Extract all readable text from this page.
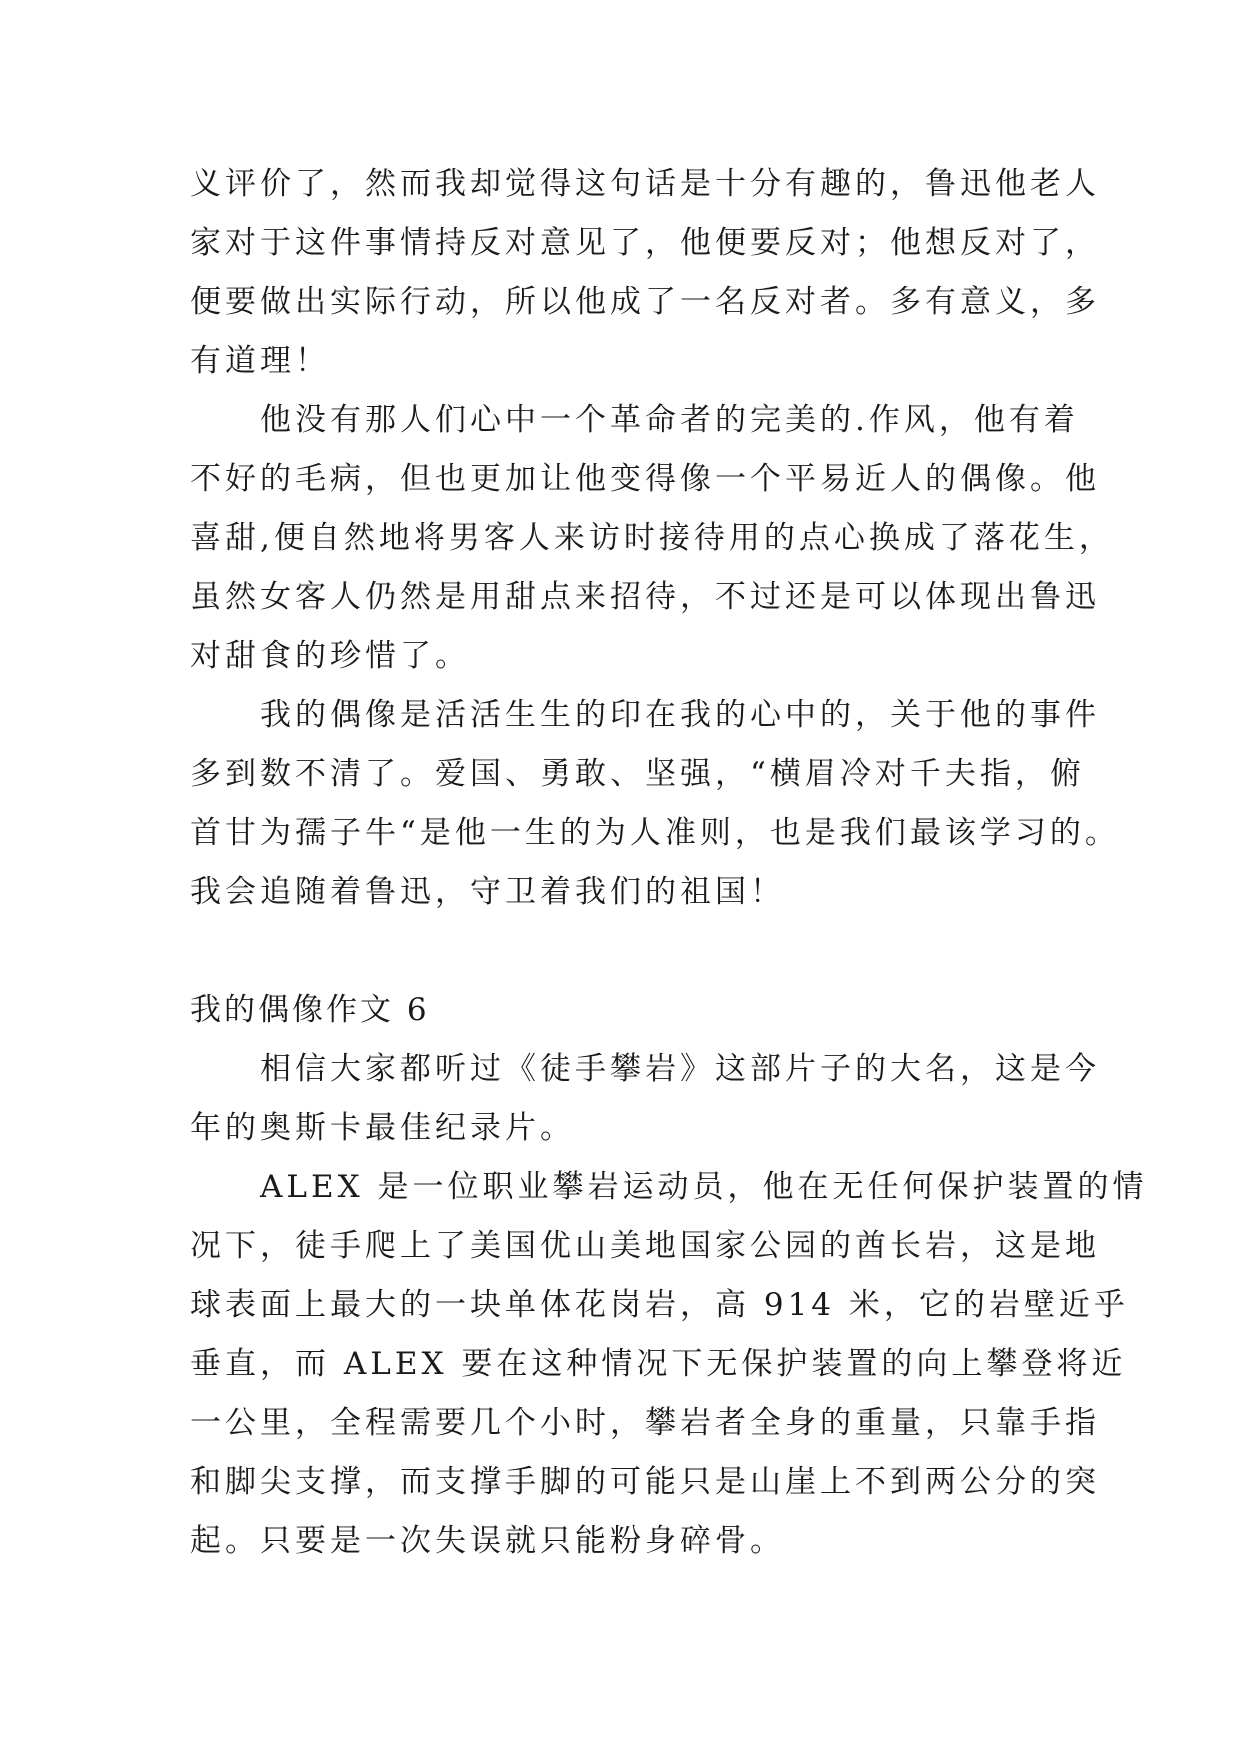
义评价了，然而我却觉得这句话是十分有趣的，鲁迅他老人
家对于这件事情持反对意见了，他便要反对；他想反对了，
便要做出实际行动，所以他成了一名反对者。多有意义，多
有道理！
他没有那人们心中一个革命者的完美的.作风，他有着
不好的毛病，但也更加让他变得像一个平易近人的偶像。他
喜甜,便自然地将男客人来访时接待用的点心换成了落花生，
虽然女客人仍然是用甜点来招待，不过还是可以体现出鲁迅
对甜食的珍惜了。
我的偶像是活活生生的印在我的心中的，关于他的事件
多到数不清了。爱国、勇敢、坚强，“横眉冷对千夫指，俯
首甘为孺子牛“是他一生的为人准则，也是我们最该学习的。
我会追随着鲁迅，守卫着我们的祖国！
我的偶像作文 6
相信大家都听过《徒手攀岩》这部片子的大名，这是今
年的奥斯卡最佳纪录片。
ALEX 是一位职业攀岩运动员，他在无任何保护装置的情
况下，徒手爬上了美国优山美地国家公园的酋长岩，这是地
球表面上最大的一块单体花岗岩，高 914 米，它的岩壁近乎
垂直，而 ALEX 要在这种情况下无保护装置的向上攀登将近
一公里，全程需要几个小时，攀岩者全身的重量，只靠手指
和脚尖支撑，而支撑手脚的可能只是山崖上不到两公分的突
起。只要是一次失误就只能粉身碎骨。
